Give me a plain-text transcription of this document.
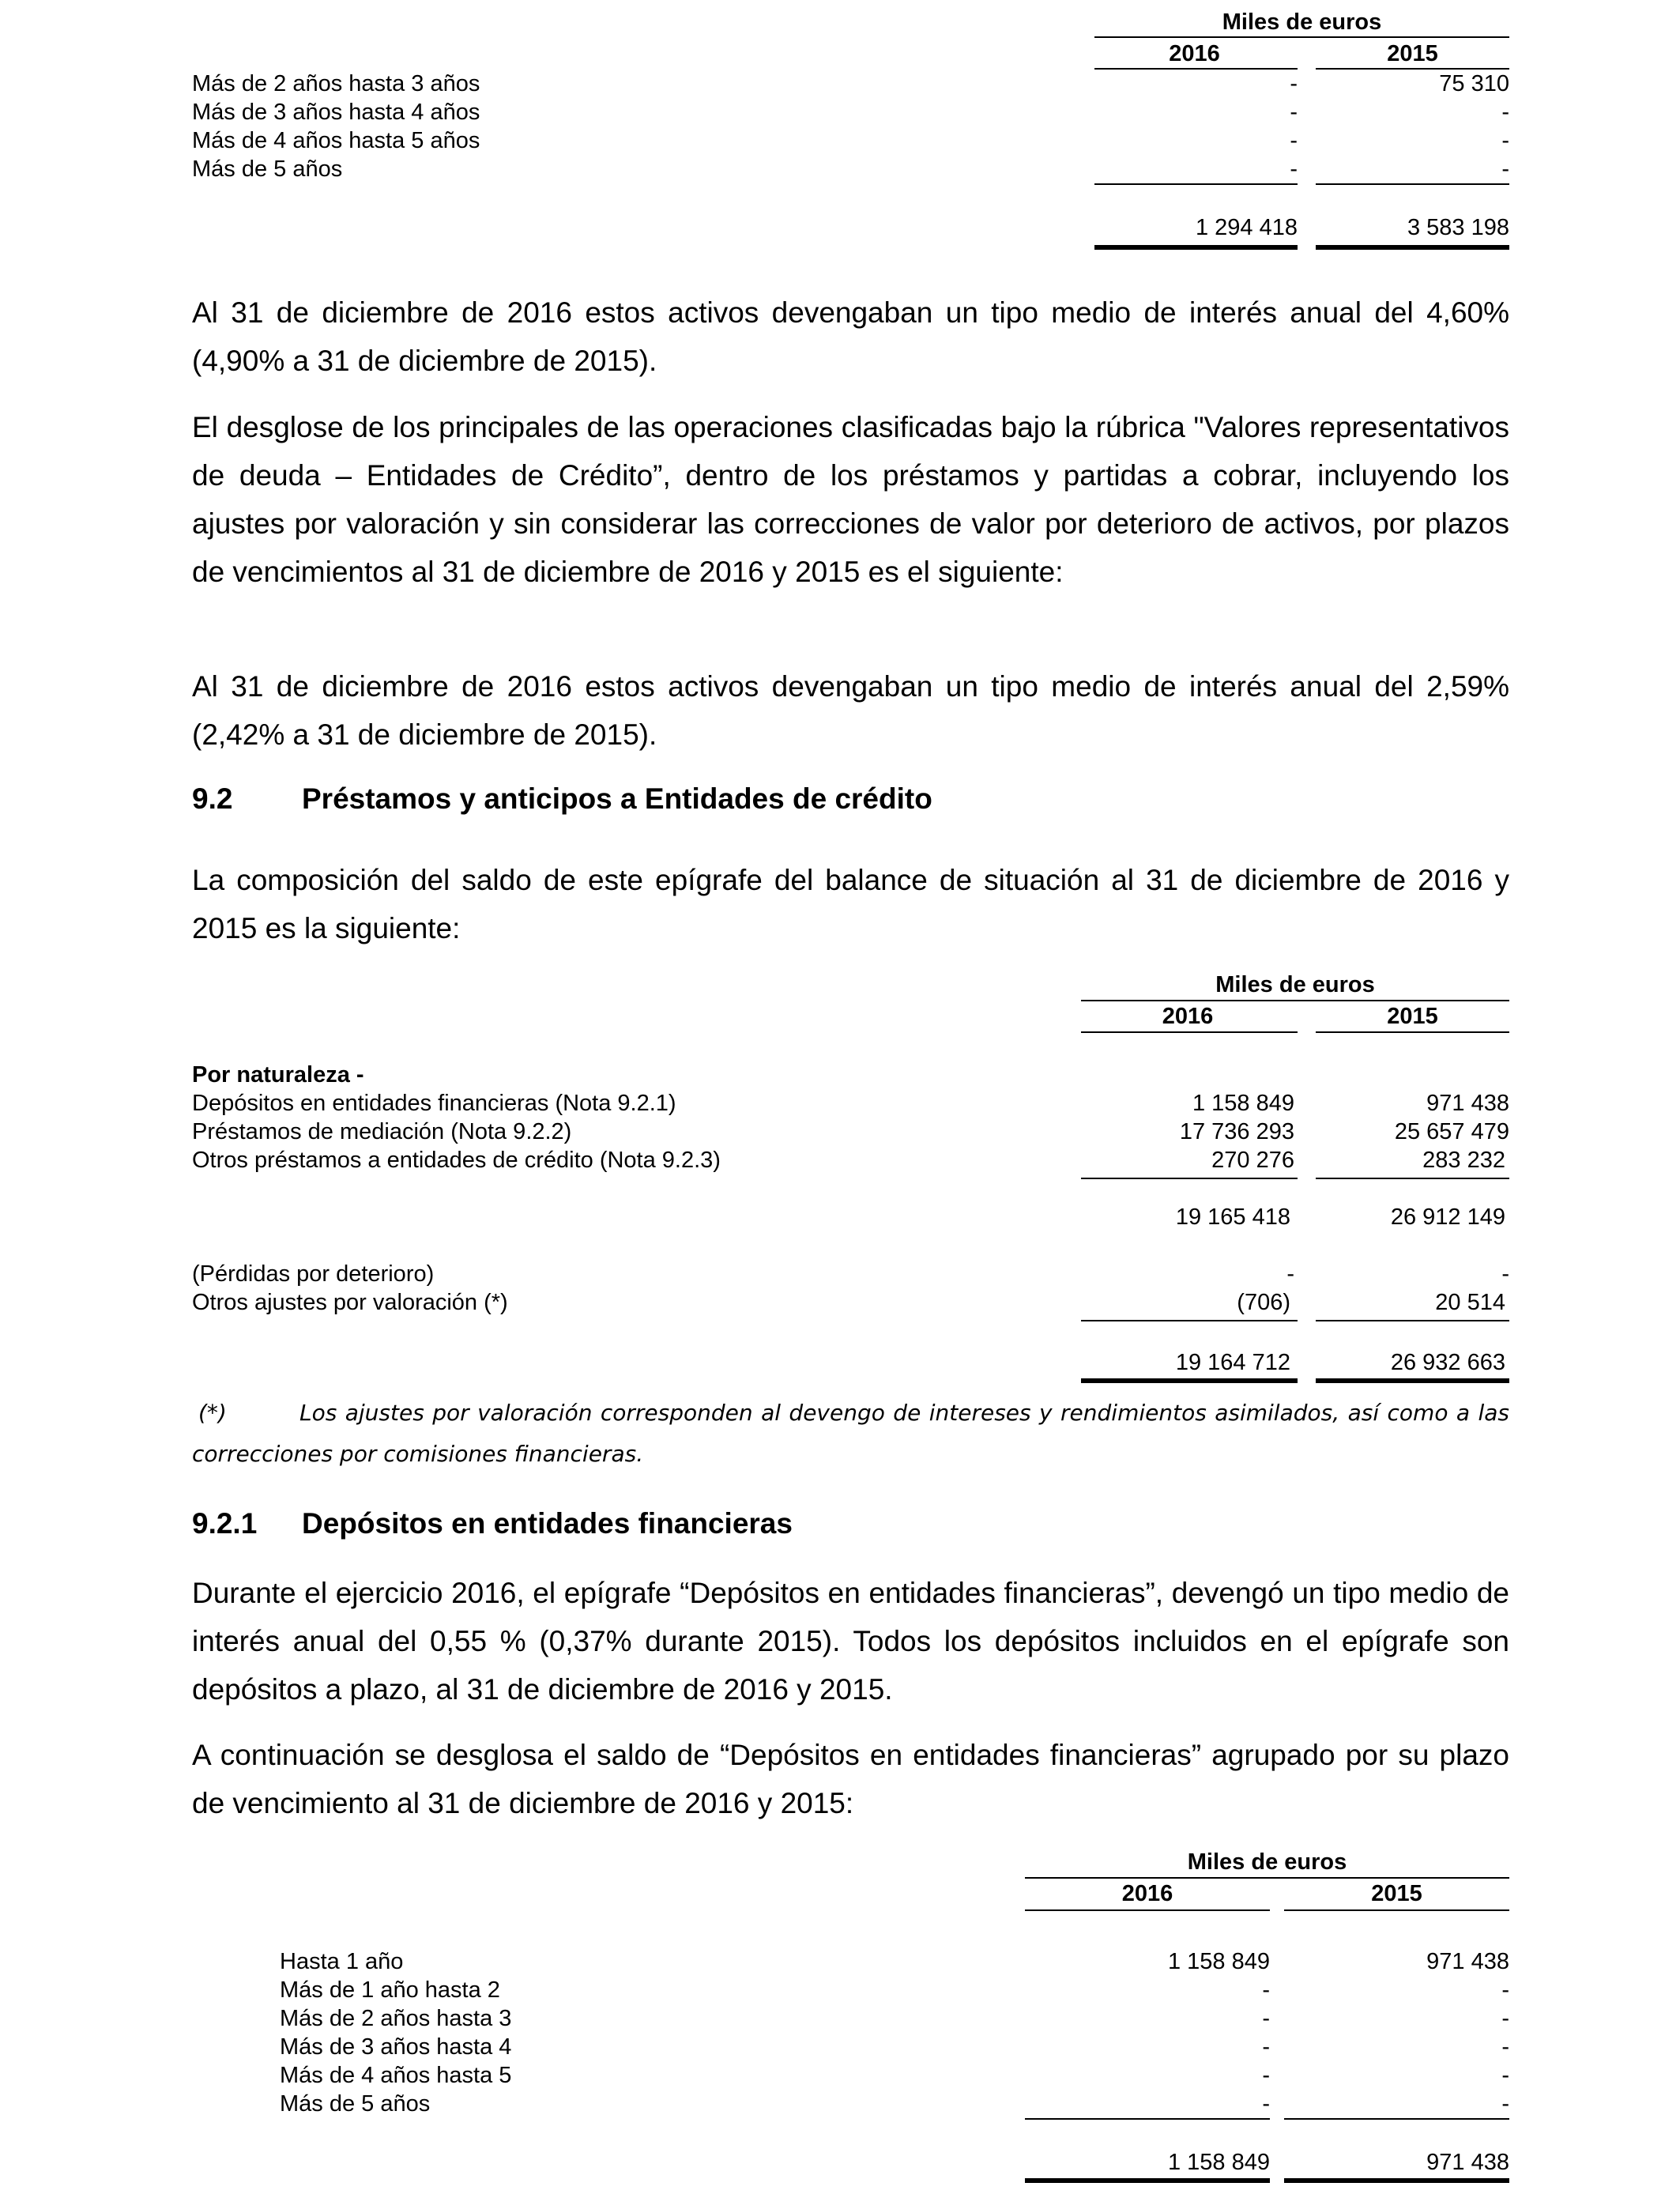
Miles de euros
2016	2015
Más de 2 años hasta 3 años	-	75 310
Más de 3 años hasta 4 años	-	-
Más de 4 años hasta 5 años	-	-
Más de 5 años	-	-
1 294 418	3 583 198

Al 31 de diciembre de 2016 estos activos devengaban un tipo medio de interés anual del 4,60% (4,90% a 31 de diciembre de 2015).

El desglose de los principales de las operaciones clasificadas bajo la rúbrica "Valores representativos de deuda – Entidades de Crédito”, dentro de los préstamos y partidas a cobrar, incluyendo los ajustes por valoración y sin considerar las correcciones de valor por deterioro de activos, por plazos de vencimientos al 31 de diciembre de 2016 y 2015 es el siguiente:

Al 31 de diciembre de 2016 estos activos devengaban un tipo medio de interés anual del 2,59% (2,42% a 31 de diciembre de 2015).

9.2 Préstamos y anticipos a Entidades de crédito

La composición del saldo de este epígrafe del balance de situación al 31 de diciembre de 2016 y 2015 es la siguiente:

Miles de euros
2016	2015
Por naturaleza -
Depósitos en entidades financieras (Nota 9.2.1)	1 158 849	971 438
Préstamos de mediación (Nota 9.2.2)	17 736 293	25 657 479
Otros préstamos a entidades de crédito (Nota 9.2.3)	270 276	283 232
19 165 418	26 912 149
(Pérdidas por deterioro)	-	-
Otros ajustes por valoración (*)	(706)	20 514
19 164 712	26 932 663

(*)	Los ajustes por valoración corresponden al devengo de intereses y rendimientos asimilados, así como a las correcciones por comisiones financieras.

9.2.1 Depósitos en entidades financieras

Durante el ejercicio 2016, el epígrafe “Depósitos en entidades financieras”, devengó un tipo medio de interés anual del 0,55 % (0,37% durante 2015). Todos los depósitos incluidos en el epígrafe son depósitos a plazo, al 31 de diciembre de 2016 y 2015.

A continuación se desglosa el saldo de “Depósitos en entidades financieras” agrupado por su plazo de vencimiento al 31 de diciembre de 2016 y 2015:

Miles de euros
2016	2015
Hasta 1 año	1 158 849	971 438
Más de 1 año hasta 2	-	-
Más de 2 años hasta 3	-	-
Más de 3 años hasta 4	-	-
Más de 4 años hasta 5	-	-
Más de 5 años	-	-
1 158 849	971 438
